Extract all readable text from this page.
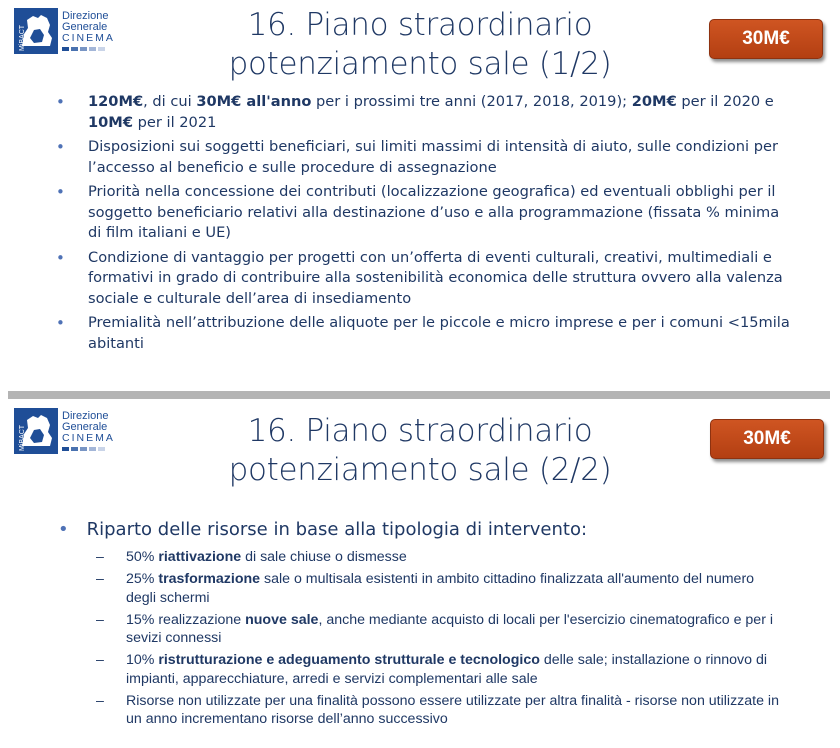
MiBACT
Direzione
Generale
CINEMA	16. Piano straordinario
potenziamento sale (1/2)
30M€
• 120M€, di cui 30M€ all'anno per i prossimi tre anni (2017, 2018, 2019); 20M€ per il 2020 e 10M€ per il 2021
• Disposizioni sui soggetti beneficiari, sui limiti massimi di intensità di aiuto, sulle condizioni per l’accesso al beneficio e sulle procedure di assegnazione
• Priorità nella concessione dei contributi (localizzazione geografica) ed eventuali obblighi per il soggetto beneficiario relativi alla destinazione d’uso e alla programmazione (fissata % minima di film italiani e UE)
• Condizione di vantaggio per progetti con un’offerta di eventi culturali, creativi, multimediali e formativi in grado di contribuire alla sostenibilità economica delle struttura ovvero alla valenza sociale e culturale dell’area di insediamento
• Premialità nell’attribuzione delle aliquote per le piccole e micro imprese e per i comuni <15mila abitanti
MiBACT
Direzione
Generale
CINEMA	16. Piano straordinario
potenziamento sale (2/2)
30M€
• Riparto delle risorse in base alla tipologia di intervento:
– 50% riattivazione di sale chiuse o dismesse
– 25% trasformazione sale o multisala esistenti in ambito cittadino finalizzata all'aumento del numero degli schermi
– 15% realizzazione nuove sale, anche mediante acquisto di locali per l'esercizio cinematografico e per i sevizi connessi
– 10% ristrutturazione e adeguamento strutturale e tecnologico delle sale; installazione o rinnovo di impianti, apparecchiature, arredi e servizi complementari alle sale
– Risorse non utilizzate per una finalità possono essere utilizzate per altra finalità - risorse non utilizzate in un anno incrementano risorse dell’anno successivo
